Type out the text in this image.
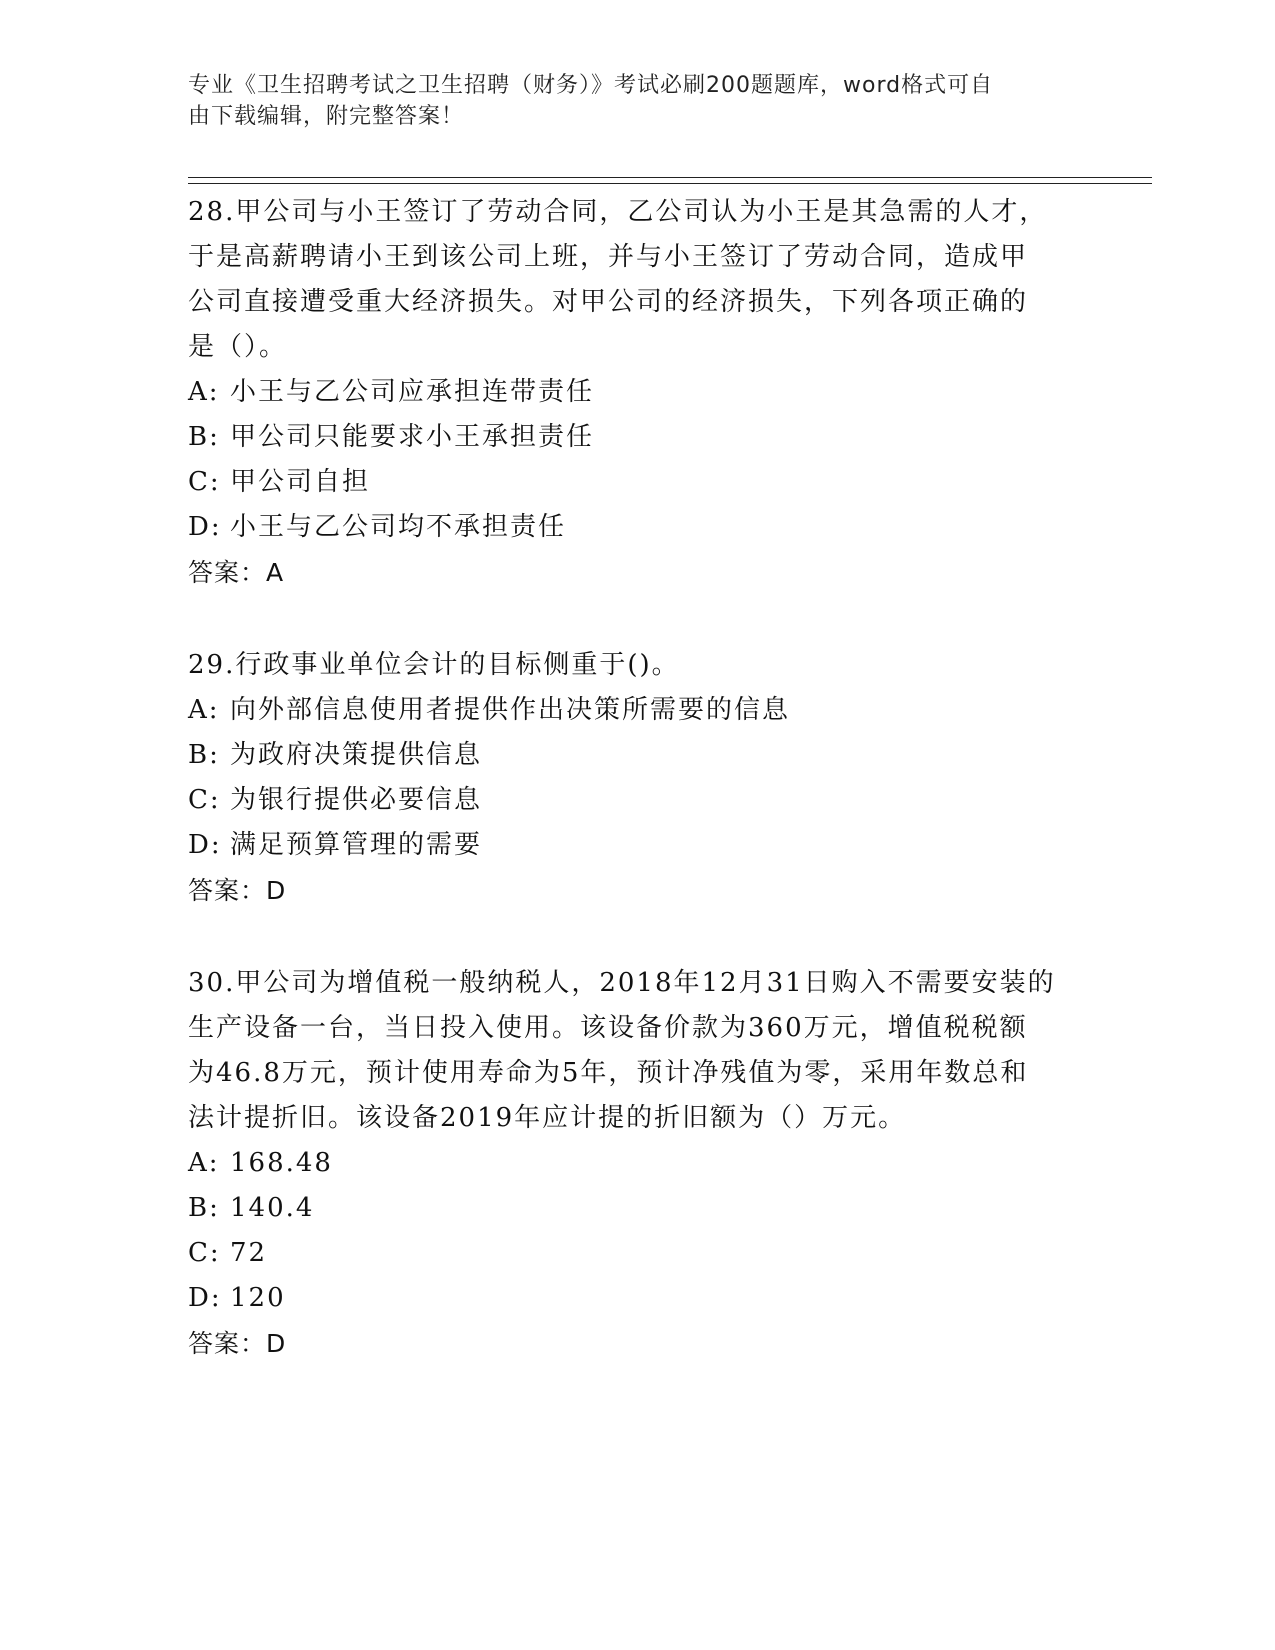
专业《卫生招聘考试之卫生招聘（财务）》考试必刷200题题库，word格式可自
由下载编辑，附完整答案！
28.甲公司与小王签订了劳动合同，乙公司认为小王是其急需的人才，
于是高薪聘请小王到该公司上班，并与小王签订了劳动合同，造成甲
公司直接遭受重大经济损失。对甲公司的经济损失，下列各项正确的
是（）。
A: 小王与乙公司应承担连带责任
B: 甲公司只能要求小王承担责任
C: 甲公司自担
D: 小王与乙公司均不承担责任
答案：A
29.行政事业单位会计的目标侧重于()。
A: 向外部信息使用者提供作出决策所需要的信息
B: 为政府决策提供信息
C: 为银行提供必要信息
D: 满足预算管理的需要
答案：D
30.甲公司为增值税一般纳税人，2018年12月31日购入不需要安装的
生产设备一台，当日投入使用。该设备价款为360万元，增值税税额
为46.8万元，预计使用寿命为5年，预计净残值为零，采用年数总和
法计提折旧。该设备2019年应计提的折旧额为（）万元。
A: 168.48
B: 140.4
C: 72
D: 120
答案：D
